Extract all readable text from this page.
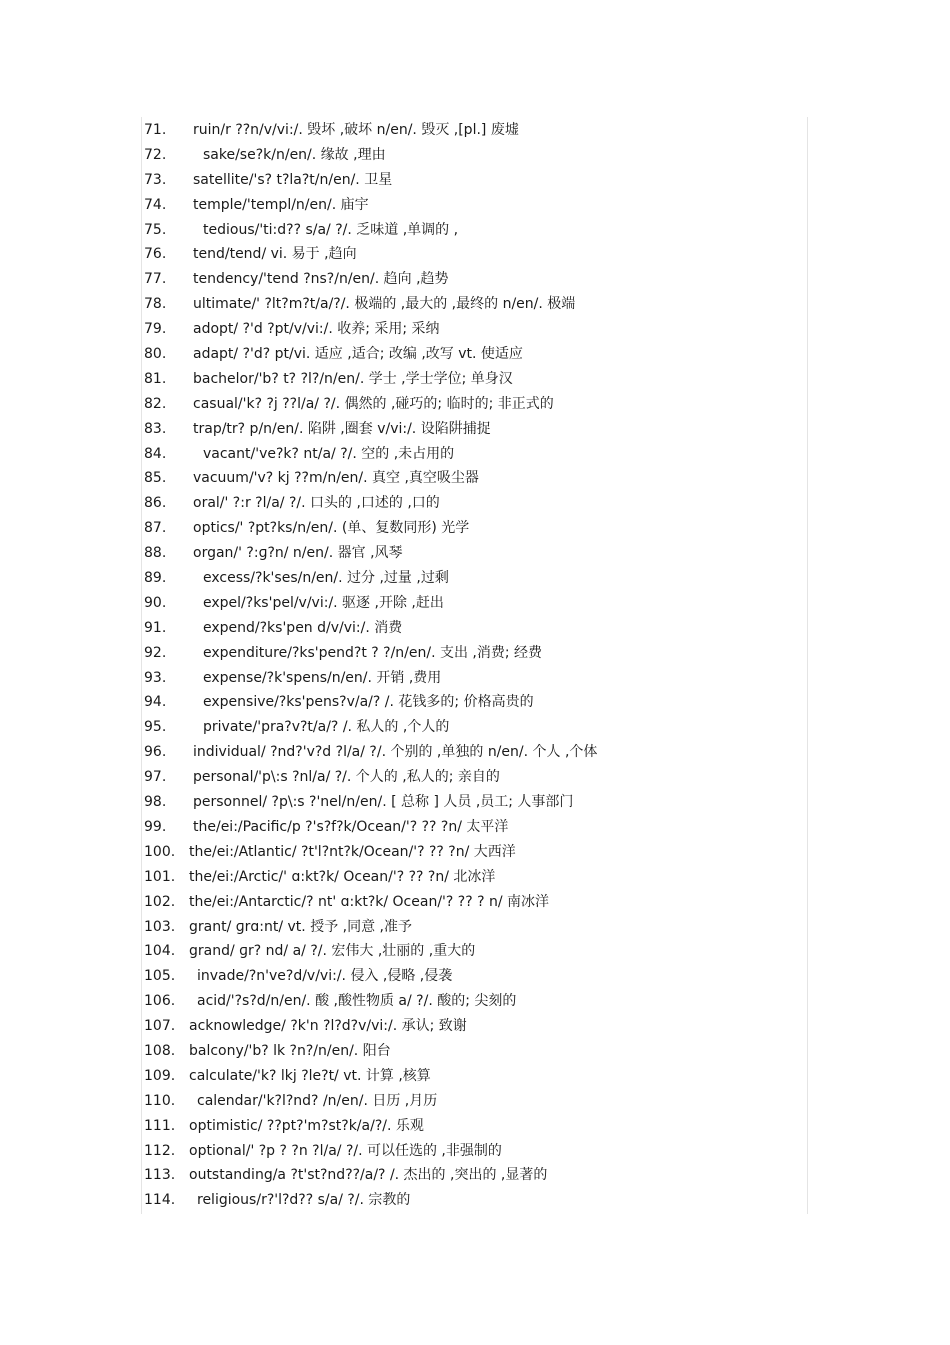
71. ruin/r ??n/v/vi:/. 毁坏 ,破坏 n/en/. 毁灭 ,[pl.] 废墟
72.	sake/se?k/n/en/. 缘故 ,理由
73. satellite/'s? t?la?t/n/en/. 卫星
74. temple/'templ/n/en/. 庙宇
75.	tedious/'ti:d?? s/a/ ?/. 乏味道 ,单调的 ,
76. tend/tend/ vi. 易于 ,趋向
77. tendency/'tend ?ns?/n/en/. 趋向 ,趋势
78. ultimate/' ?lt?m?t/a/?/. 极端的 ,最大的 ,最终的 n/en/. 极端
79. adopt/ ?'d ?pt/v/vi:/. 收养; 采用; 采纳
80. adapt/ ?'d? pt/vi. 适应 ,适合; 改编 ,改写 vt. 使适应
81. bachelor/'b? t? ?l?/n/en/. 学士 ,学士学位; 单身汉
82. casual/'k? ?j ??l/a/ ?/. 偶然的 ,碰巧的; 临时的; 非正式的
83. trap/tr? p/n/en/. 陷阱 ,圈套 v/vi:/. 设陷阱捕捉
84.	vacant/'ve?k? nt/a/ ?/. 空的 ,未占用的
85. vacuum/'v? kj ??m/n/en/. 真空 ,真空吸尘器
86. oral/' ?:r ?l/a/ ?/. 口头的 ,口述的 ,口的
87. optics/' ?pt?ks/n/en/. (单、复数同形) 光学
88. organ/' ?:ɡ?n/ n/en/. 器官 ,风琴
89.	excess/?k'ses/n/en/. 过分 ,过量 ,过剩
90.	expel/?ks'pel/v/vi:/. 驱逐 ,开除 ,赶出
91.	expend/?ks'pen d/v/vi:/. 消费
92.	expenditure/?ks'pend?t ? ?/n/en/. 支出 ,消费; 经费
93.	expense/?k'spens/n/en/. 开销 ,费用
94.	expensive/?ks'pens?v/a/? /. 花钱多的; 价格高贵的
95.	private/'pra?v?t/a/? /. 私人的 ,个人的
96. individual/ ?nd?'v?d ?l/a/ ?/. 个别的 ,单独的 n/en/. 个人 ,个体
97. personal/'p\:s ?nl/a/ ?/. 个人的 ,私人的; 亲自的
98. personnel/ ?p\:s ?'nel/n/en/. [ 总称 ] 人员 ,员工; 人事部门
99. the/ei:/Pacific/p ?'s?f?k/Ocean/'? ?? ?n/ 太平洋
100. the/ei:/Atlantic/ ?t'l?nt?k/Ocean/'? ?? ?n/ 大西洋
101. the/ei:/Arctic/' ɑ:kt?k/ Ocean/'? ?? ?n/ 北冰洋
102. the/ei:/Antarctic/? nt' ɑ:kt?k/ Ocean/'? ?? ? n/ 南冰洋
103. grant/ ɡrɑ:nt/ vt. 授予 ,同意 ,准予
104. grand/ ɡr? nd/ a/ ?/. 宏伟大 ,壮丽的 ,重大的
105. invade/?n've?d/v/vi:/. 侵入 ,侵略 ,侵袭
106. acid/'?s?d/n/en/. 酸 ,酸性物质 a/ ?/. 酸的; 尖刻的
107. acknowledge/ ?k'n ?l?d?v/vi:/. 承认; 致谢
108. balcony/'b? lk ?n?/n/en/. 阳台
109. calculate/'k? lkj ?le?t/ vt. 计算 ,核算
110. calendar/'k?l?nd? /n/en/. 日历 ,月历
111. optimistic/ ??pt?'m?st?k/a/?/. 乐观
112. optional/' ?p ? ?n ?l/a/ ?/. 可以任选的 ,非强制的
113. outstanding/a ?t'st?nd??/a/? /. 杰出的 ,突出的 ,显著的
114. religious/r?'l?d?? s/a/ ?/. 宗教的
